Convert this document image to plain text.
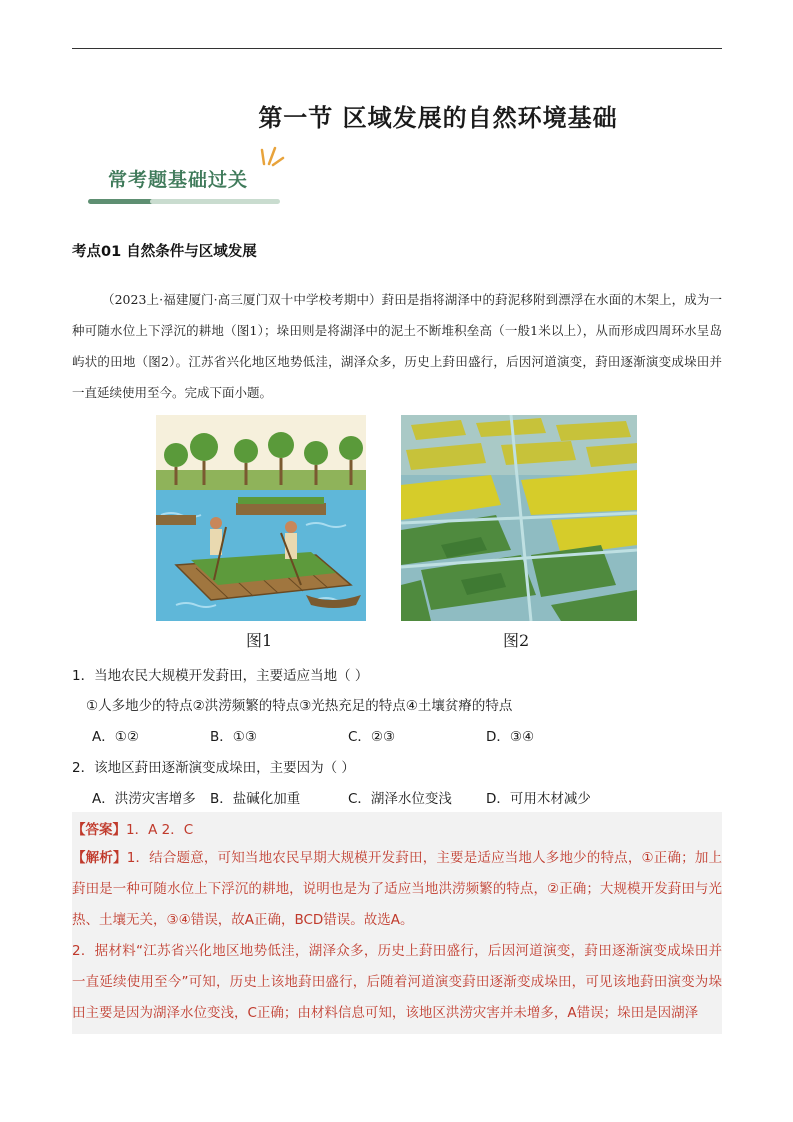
第一节 区域发展的自然环境基础
常考题基础过关
考点01 自然条件与区域发展
（2023上·福建厦门·高三厦门双十中学校考期中）葑田是指将湖泽中的葑泥移附到漂浮在水面的木架上，成为一种可随水位上下浮沉的耕地（图1）；垛田则是将湖泽中的泥土不断堆积垒高（一般1米以上），从而形成四周环水呈岛屿状的田地（图2）。江苏省兴化地区地势低洼，湖泽众多，历史上葑田盛行，后因河道演变，葑田逐渐演变成垛田并一直延续使用至今。完成下面小题。
图1	图2
1．当地农民大规模开发葑田，主要适应当地（ ）
①人多地少的特点②洪涝频繁的特点③光热充足的特点④土壤贫瘠的特点
A．①②	B．①③	C．②③	D．③④
2．该地区葑田逐渐演变成垛田，主要因为（ ）
A．洪涝灾害增多 B．盐碱化加重	C．湖泽水位变浅	D．可用木材减少
【答案】1．A 2．C
【解析】1．结合题意，可知当地农民早期大规模开发葑田，主要是适应当地人多地少的特点，①正确；加上葑田是一种可随水位上下浮沉的耕地，说明也是为了适应当地洪涝频繁的特点，②正确；大规模开发葑田与光热、土壤无关，③④错误，故A正确，BCD错误。故选A。
2．据材料“江苏省兴化地区地势低洼，湖泽众多，历史上葑田盛行，后因河道演变，葑田逐渐演变成垛田并一直延续使用至今”可知，历史上该地葑田盛行，后随着河道演变葑田逐渐变成垛田，可见该地葑田演变为垛田主要是因为湖泽水位变浅，C正确；由材料信息可知，该地区洪涝灾害并未增多，A错误；垛田是因湖泽
